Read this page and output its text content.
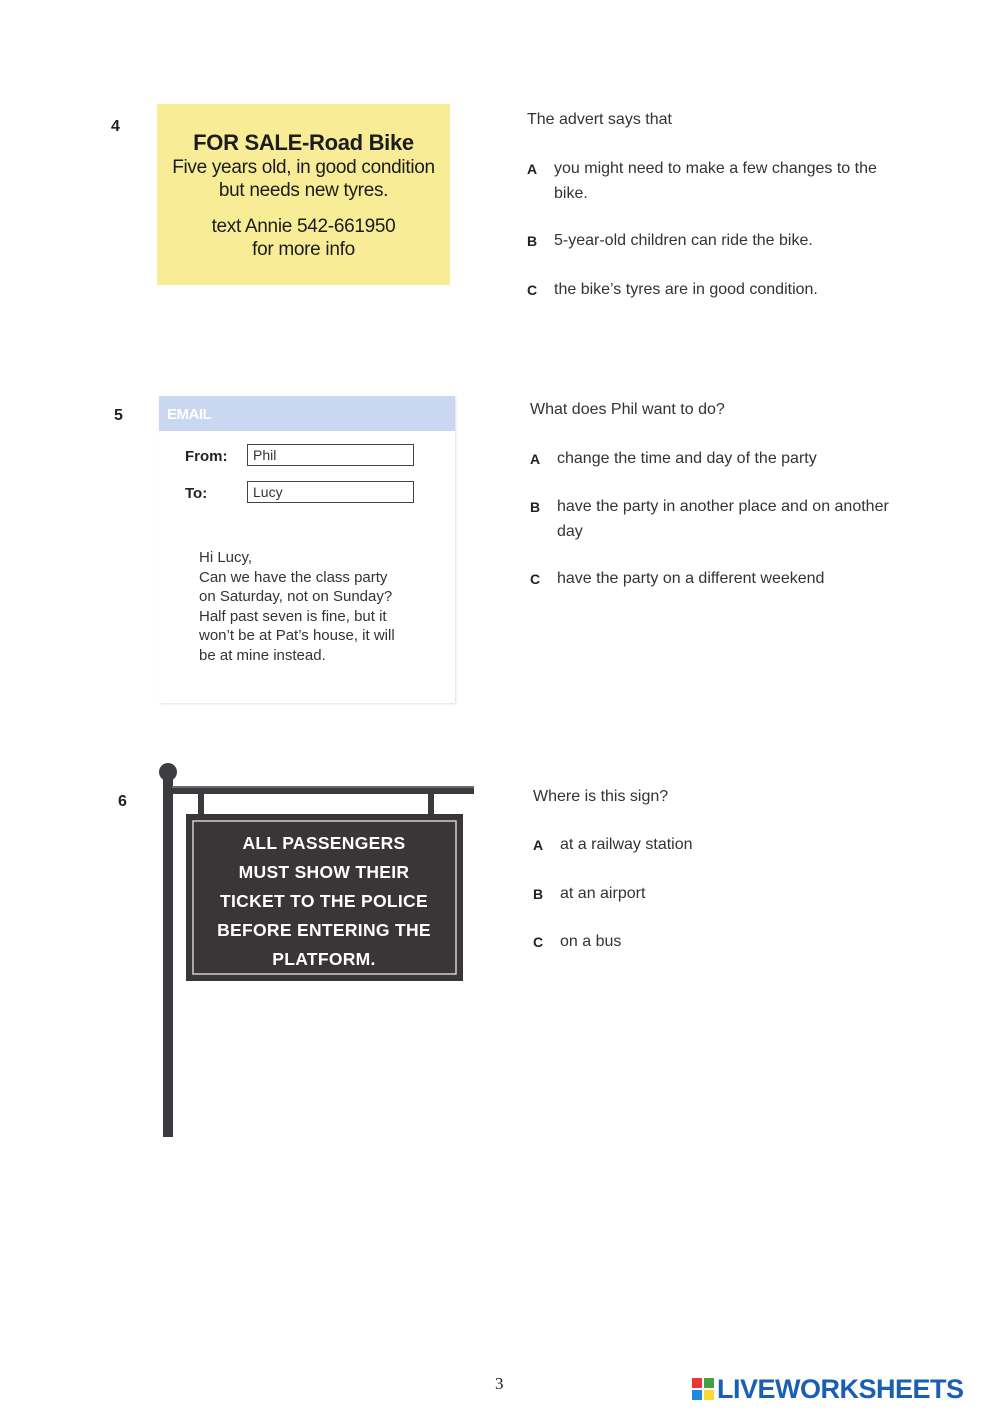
4
FOR SALE-Road Bike
Five years old, in good condition
but needs new tyres.
text Annie 542-661950
for more info
The advert says that
A you might need to make a few changes to the bike.
B 5-year-old children can ride the bike.
C the bike’s tyres are in good condition.
5	EMAIL
From:	Phil
To:	Lucy
Hi Lucy,
Can we have the class party
on Saturday, not on Sunday?
Half past seven is fine, but it
won’t be at Pat’s house, it will
be at mine instead.
What does Phil want to do?
A change the time and day of the party
B have the party in another place and on another day
C have the party on a different weekend
6
ALL PASSENGERS
MUST SHOW THEIR
TICKET TO THE POLICE
BEFORE ENTERING THE
PLATFORM.
Where is this sign?
A at a railway station
B at an airport
C on a bus
3	LIVEWORKSHEETS
